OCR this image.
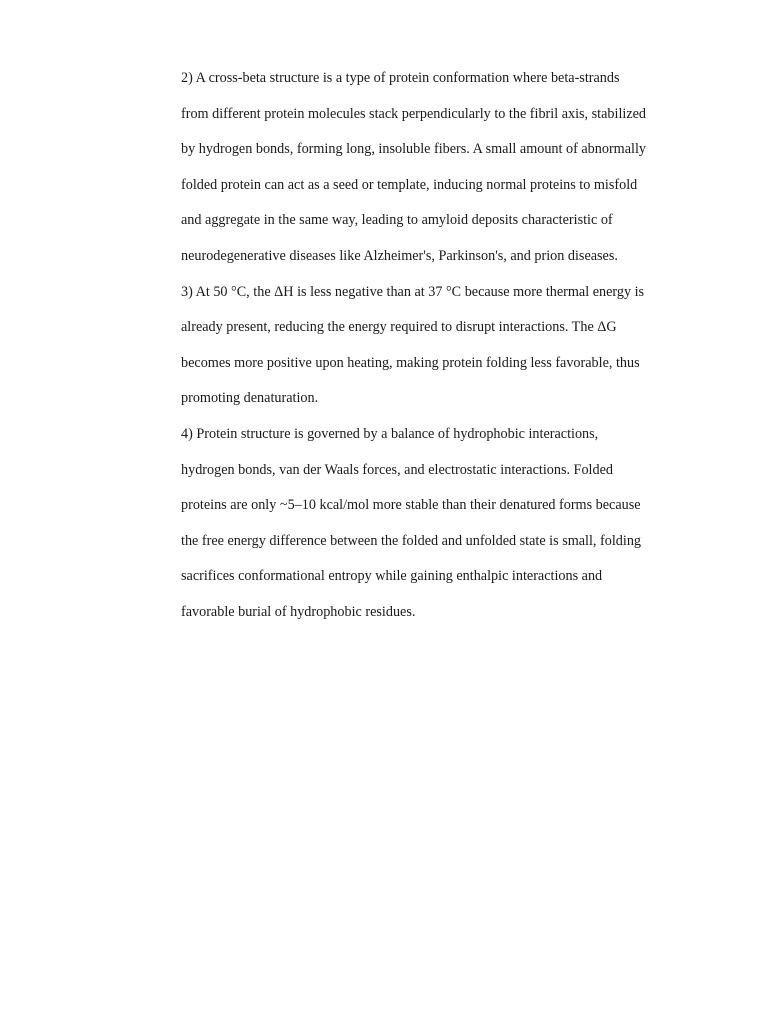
2) A cross-beta structure is a type of protein conformation where beta-strands
from different protein molecules stack perpendicularly to the fibril axis, stabilized
by hydrogen bonds, forming long, insoluble fibers. A small amount of abnormally
folded protein can act as a seed or template, inducing normal proteins to misfold
and aggregate in the same way, leading to amyloid deposits characteristic of
neurodegenerative diseases like Alzheimer's, Parkinson's, and prion diseases.
3) At 50 °C, the ΔH is less negative than at 37 °C because more thermal energy is
already present, reducing the energy required to disrupt interactions. The ΔG
becomes more positive upon heating, making protein folding less favorable, thus
promoting denaturation.
4) Protein structure is governed by a balance of hydrophobic interactions,
hydrogen bonds, van der Waals forces, and electrostatic interactions. Folded
proteins are only ~5–10 kcal/mol more stable than their denatured forms because
the free energy difference between the folded and unfolded state is small, folding
sacrifices conformational entropy while gaining enthalpic interactions and
favorable burial of hydrophobic residues.
